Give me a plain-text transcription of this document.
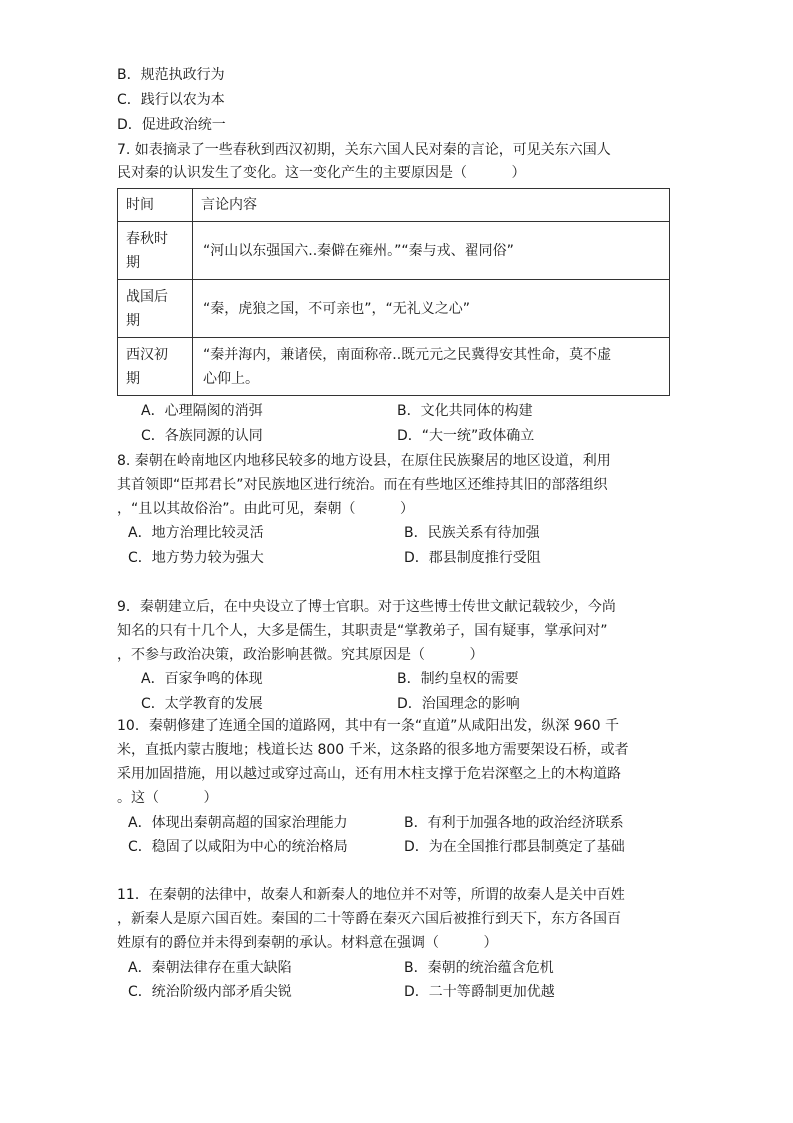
B．规范执政行为
C．践行以农为本
D．促进政治统一
7. 如表摘录了一些春秋到西汉初期，关东六国人民对秦的言论，可见关东六国人
民对秦的认识发生了变化。这一变化产生的主要原因是（          ）
时间	言论内容
春秋时
期	“河山以东强国六..秦僻在雍州。”“秦与戎、翟同俗”
战国后
期	“秦，虎狼之国，不可亲也”，“无礼义之心”
西汉初
期	“秦并海内，兼诸侯，南面称帝..既元元之民冀得安其性命，莫不虚
心仰上。
A．心理隔阂的消弭	B．文化共同体的构建
C．各族同源的认同	D．“大一统”政体确立
8. 秦朝在岭南地区内地移民较多的地方设县，在原住民族聚居的地区设道，利用
其首领即“臣邦君长”对民族地区进行统治。而在有些地区还维持其旧的部落组织
，“且以其故俗治”。由此可见，秦朝（          ）
A．地方治理比较灵活	B．民族关系有待加强
C．地方势力较为强大	D．郡县制度推行受阻
9．秦朝建立后，在中央设立了博士官职。对于这些博士传世文献记载较少，今尚
知名的只有十几个人，大多是儒生，其职责是“掌教弟子，国有疑事，掌承问对”
，不参与政治决策，政治影响甚微。究其原因是（          ）
A．百家争鸣的体现	B．制约皇权的需要
C．太学教育的发展	D．治国理念的影响
10．秦朝修建了连通全国的道路网，其中有一条“直道”从咸阳出发，纵深 960 千
米，直抵内蒙古腹地；栈道长达 800 千米，这条路的很多地方需要架设石桥，或者
采用加固措施，用以越过或穿过高山，还有用木柱支撑于危岩深壑之上的木构道路
。这（          ）
A．体现出秦朝高超的国家治理能力	B．有利于加强各地的政治经济联系
C．稳固了以咸阳为中心的统治格局	D．为在全国推行郡县制奠定了基础
11．在秦朝的法律中，故秦人和新秦人的地位并不对等，所谓的故秦人是关中百姓
，新秦人是原六国百姓。秦国的二十等爵在秦灭六国后被推行到天下，东方各国百
姓原有的爵位并未得到秦朝的承认。材料意在强调（          ）
A．秦朝法律存在重大缺陷	B．秦朝的统治蕴含危机
C．统治阶级内部矛盾尖锐	D．二十等爵制更加优越
